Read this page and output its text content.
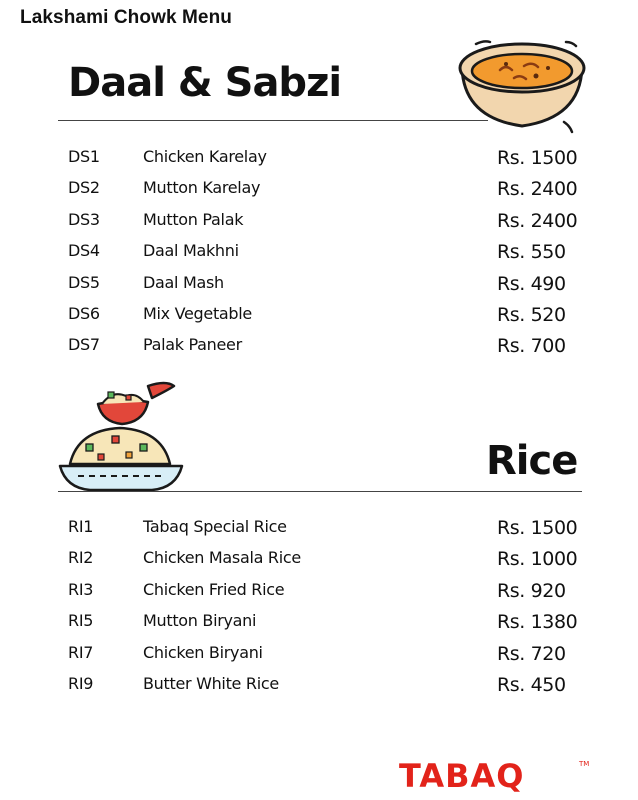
Lakshami Chowk Menu
Daal & Sabzi
DS1	Chicken Karelay	Rs. 1500
DS2	Mutton Karelay	Rs. 2400
DS3	Mutton Palak	Rs. 2400
DS4	Daal Makhni	Rs. 550
DS5	Daal Mash	Rs. 490
DS6	Mix Vegetable	Rs. 520
DS7	Palak Paneer	Rs. 700
Rice
RI1	Tabaq Special Rice	Rs. 1500
RI2	Chicken Masala Rice	Rs. 1000
RI3	Chicken Fried Rice	Rs. 920
RI5	Mutton Biryani	Rs. 1380
RI7	Chicken Biryani	Rs. 720
RI9	Butter White Rice	Rs. 450
TABAQ	TM
